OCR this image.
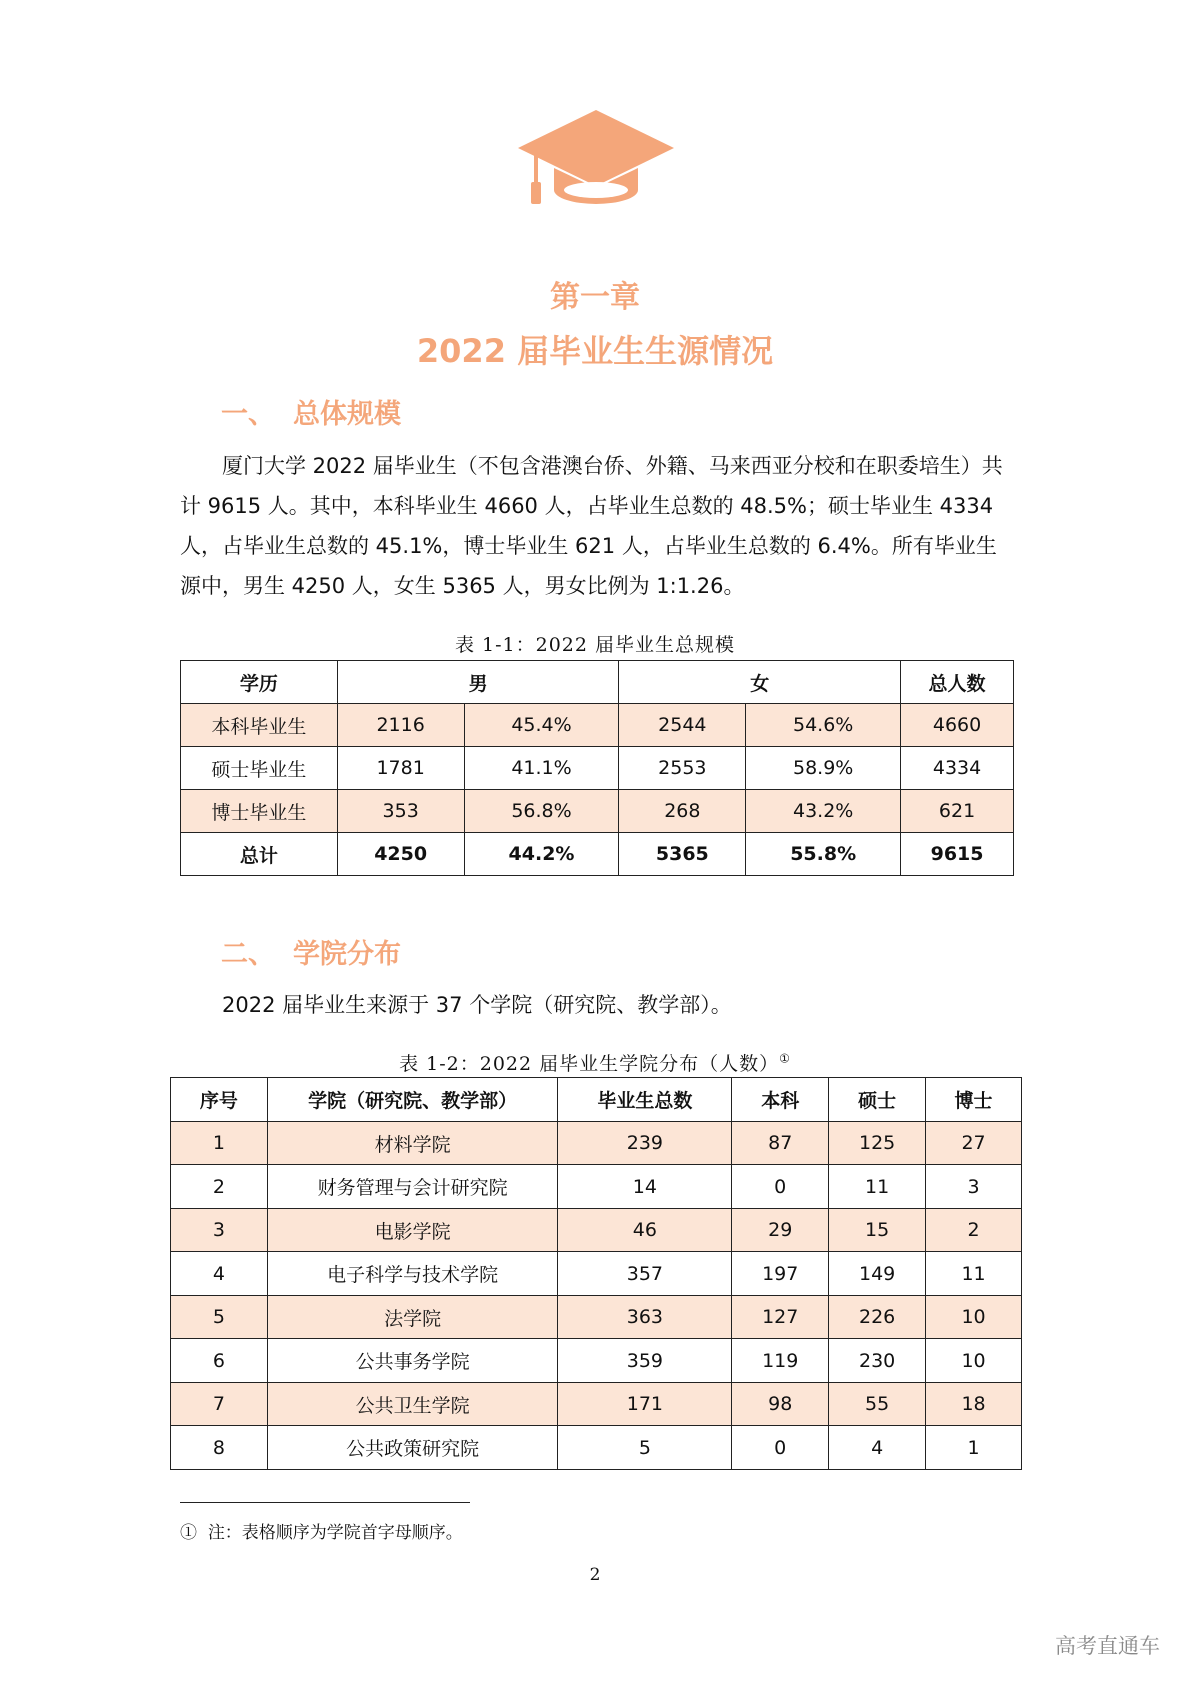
第一章
2022 届毕业生生源情况
一、 总体规模

厦门大学 2022 届毕业生（不包含港澳台侨、外籍、马来西亚分校和在职委培生）共计 9615 人。其中，本科毕业生 4660 人，占毕业生总数的 48.5%；硕士毕业生 4334 人，占毕业生总数的 45.1%，博士毕业生 621 人，占毕业生总数的 6.4%。所有毕业生源中，男生 4250 人，女生 5365 人，男女比例为 1:1.26。

表 1-1：2022 届毕业生总规模
学历	男		女		总人数
本科毕业生	2116	45.4%	2544	54.6%	4660
硕士毕业生	1781	41.1%	2553	58.9%	4334
博士毕业生	353	56.8%	268	43.2%	621
总计	4250	44.2%	5365	55.8%	9615
二、 学院分布

2022 届毕业生来源于 37 个学院（研究院、教学部）。

表 1-2：2022 届毕业生学院分布（人数）①
序号	学院（研究院、教学部）	毕业生总数	本科	硕士	博士
1	材料学院	239	87	125	27
2	财务管理与会计研究院	14	0	11	3
3	电影学院	46	29	15	2
4	电子科学与技术学院	357	197	149	11
5	法学院	363	127	226	10
6	公共事务学院	359	119	230	10
7	公共卫生学院	171	98	55	18
8	公共政策研究院	5	0	4	1
① 注：表格顺序为学院首字母顺序。
2
高考直通车
